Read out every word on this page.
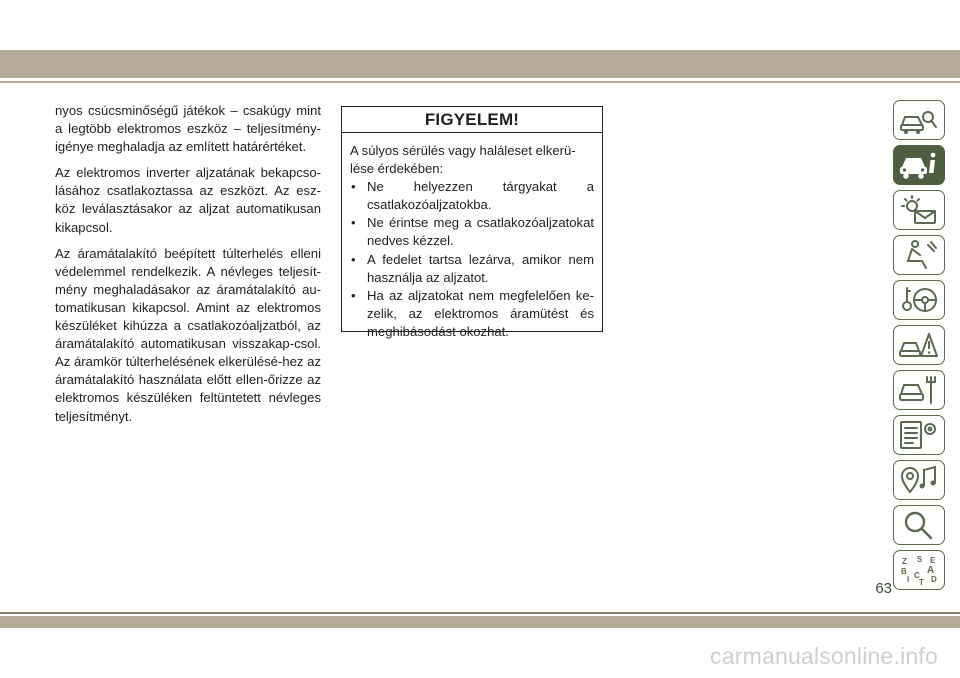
nyos csúcsminőségű játékok – csakúgy mint a legtöbb elektromos eszköz – teljesítmény-igénye meghaladja az említett határértéket.

Az elektromos inverter aljzatának bekapcso-lásához csatlakoztassa az eszközt. Az esz-köz leválasztásakor az aljzat automatikusan kikapcsol.

Az áramátalakító beépített túlterhelés elleni védelemmel rendelkezik. A névleges teljesít-mény meghaladásakor az áramátalakító au-tomatikusan kikapcsol. Amint az elektromos készüléket kihúzza a csatlakozóaljzatból, az áramátalakító automatikusan visszakap-csol. Az áramkör túlterhelésének elkerülésé-hez az áramátalakító használata előtt ellen-őrizze az elektromos készüléken feltüntetett névleges teljesítményt.

FIGYELEM!

A súlyos sérülés vagy haláleset elkerü-lése érdekében:

• Ne helyezzen tárgyakat a csatlakozóaljzatokba.
• Ne érintse meg a csatlakozóaljzatokat nedves kézzel.
• A fedelet tartsa lezárva, amikor nem használja az aljzatot.
• Ha az aljzatokat nem megfelelően ke-zelik, az elektromos áramütést és meghibásodást okozhat.
Z S E
B A
I C D
T
63
carmanualsonline.info
